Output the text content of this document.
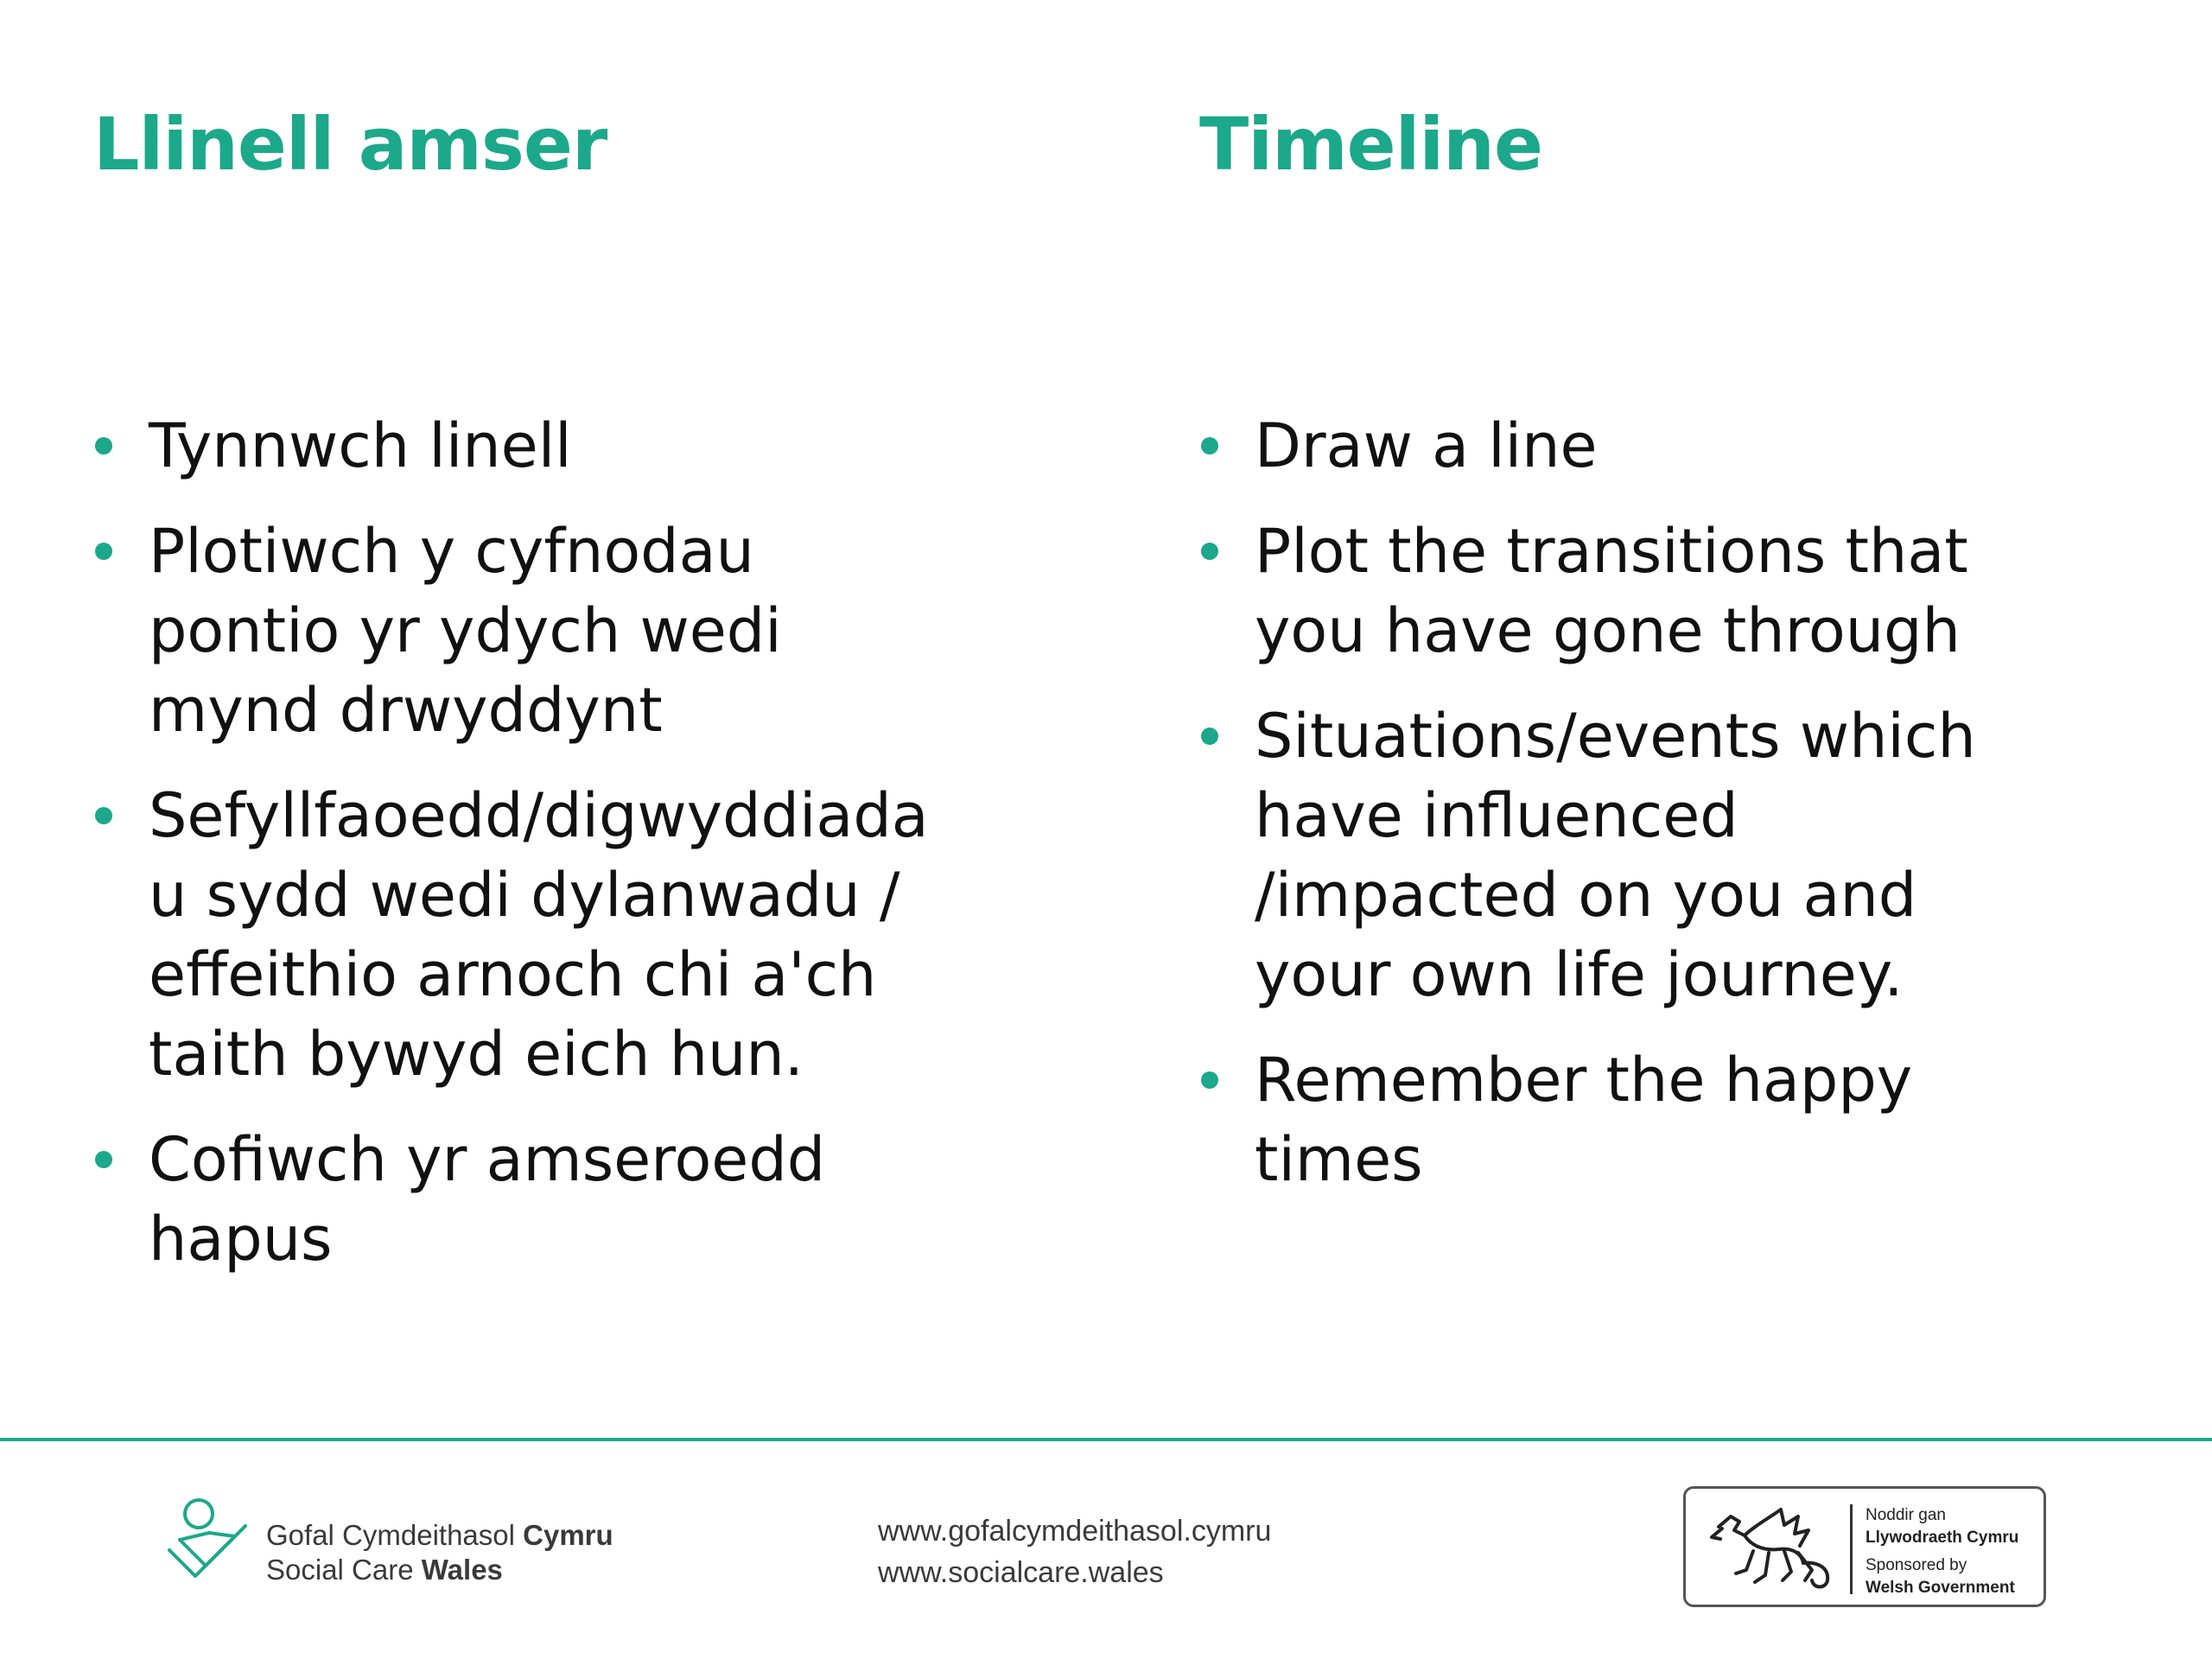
Llinell amser
Tynnwch linell
Plotiwch y cyfnodau
pontio yr ydych wedi
mynd drwyddynt
Sefyllfaoedd/digwyddiada
u sydd wedi dylanwadu /
effeithio arnoch chi a'ch
taith bywyd eich hun.
Cofiwch yr amseroedd
hapus
Timeline
Draw a line
Plot the transitions that
you have gone through
Situations/events which
have influenced
/impacted on you and
your own life journey.
Remember the happy
times
Gofal Cymdeithasol Cymru
Social Care Wales
www.gofalcymdeithasol.cymru
www.socialcare.wales
Noddir gan
Llywodraeth Cymru
Sponsored by
Welsh Government
